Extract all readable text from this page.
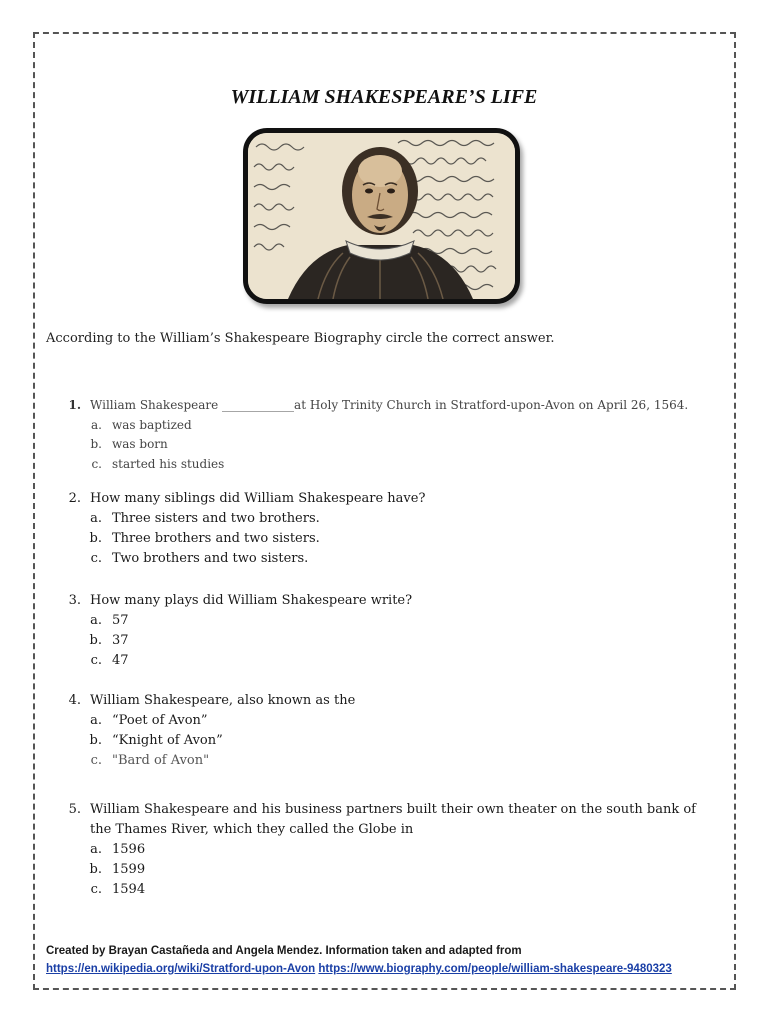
WILLIAM SHAKESPEARE’S LIFE
According to the William’s Shakespeare Biography circle the correct answer.
1. William Shakespeare ____________at Holy Trinity Church in Stratford-upon-Avon on April 26, 1564.
a. was baptized
b. was born
c. started his studies
2. How many siblings did William Shakespeare have?
a. Three sisters and two brothers.
b. Three brothers and two sisters.
c. Two brothers and two sisters.
3. How many plays did William Shakespeare write?
a. 57
b. 37
c. 47
4. William Shakespeare, also known as the
a. “Poet of Avon”
b. “Knight of Avon”
c. "Bard of Avon"
5. William Shakespeare and his business partners built their own theater on the south bank of the Thames River, which they called the Globe in
a. 1596
b. 1599
c. 1594
Created by Brayan Castañeda and Angela Mendez. Information taken and adapted from
https://en.wikipedia.org/wiki/Stratford-upon-Avon https://www.biography.com/people/william-shakespeare-9480323
